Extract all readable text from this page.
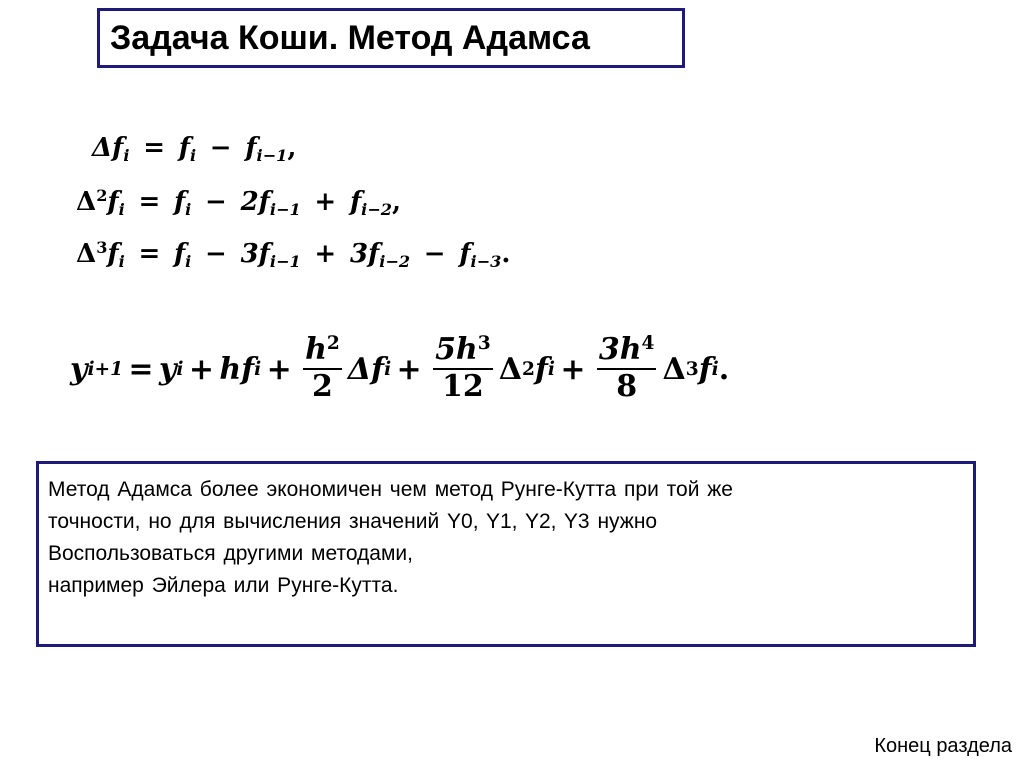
Задача Коши. Метод Адамса
$\Delta f_i = f_i - f_{i-1}$,
$\Delta^2f_i = f_i - 2f_{i-1} + f_{i-2}$,
$\Delta^3f_i = f_i - 3f_{i-1} + 3f_{i-2} - f_{i-3}$.
y i+1 = y i + hf $i + \frac{h^2}{2}$ Δf $i + \frac{5h^3}{12}$ Δ 2 f $i + \frac{3h^4}{8}$ Δ 3 f i .
Метод Адамса более экономичен чем метод Рунге-Кутта при той же
точности, но для вычисления значений Y0, Y1, Y2, Y3 нужно
Воспользоваться другими методами,
например Эйлера или Рунге-Кутта.
Конец раздела
